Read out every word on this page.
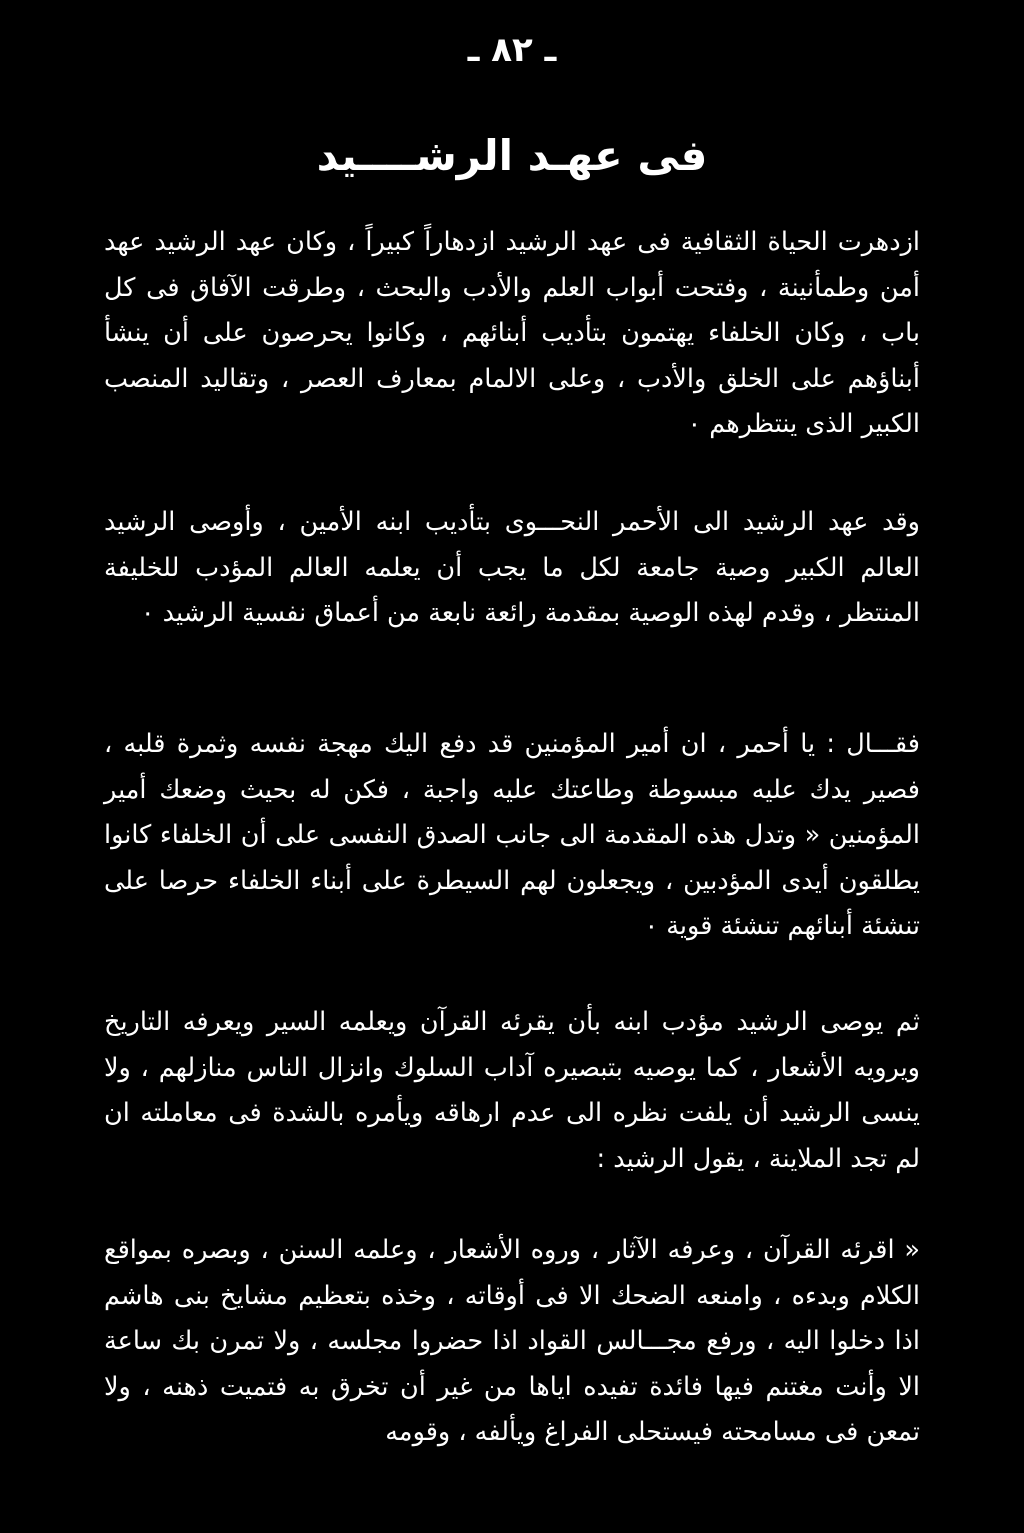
ـ ٨٢ ـ
فى عهـد الرشــــيد

ازدهرت الحياة الثقافية فى عهد الرشيد ازدهاراً كبيراً ، وكان عهد الرشيد عهد أمن وطمأنينة ، وفتحت أبواب العلم والأدب والبحث ، وطرقت الآفاق فى كل باب ، وكان الخلفاء يهتمون بتأديب أبنائهم ، وكانوا يحرصون على أن ينشأ أبناؤهم على الخلق والأدب ، وعلى الالمام بمعارف العصر ، وتقاليد المنصب الكبير الذى ينتظرهم ٠

وقد عهد الرشيد الى الأحمر النحـــوى بتأديب ابنه الأمين ، وأوصى الرشيد العالم الكبير وصية جامعة لكل ما يجب أن يعلمه العالم المؤدب للخليفة المنتظر ، وقدم لهذه الوصية بمقدمة رائعة نابعة من أعماق نفسية الرشيد ٠

فقـــال : يا أحمر ، ان أمير المؤمنين قد دفع اليك مهجة نفسه وثمرة قلبه ، فصير يدك عليه مبسوطة وطاعتك عليه واجبة ، فكن له بحيث وضعك أمير المؤمنين « وتدل هذه المقدمة الى جانب الصدق النفسى على أن الخلفاء كانوا يطلقون أيدى المؤدبين ، ويجعلون لهم السيطرة على أبناء الخلفاء حرصا على تنشئة أبنائهم تنشئة قوية ٠

ثم يوصى الرشيد مؤدب ابنه بأن يقرئه القرآن ويعلمه السير ويعرفه التاريخ ويرويه الأشعار ، كما يوصيه بتبصيره آداب السلوك وانزال الناس منازلهم ، ولا ينسى الرشيد أن يلفت نظره الى عدم ارهاقه ويأمره بالشدة فى معاملته ان لم تجد الملاينة ، يقول الرشيد :

« اقرئه القرآن ، وعرفه الآثار ، وروه الأشعار ، وعلمه السنن ، وبصره بمواقع الكلام وبدءه ، وامنعه الضحك الا فى أوقاته ، وخذه بتعظيم مشايخ بنى هاشم اذا دخلوا اليه ، ورفع مجـــالس القواد اذا حضروا مجلسه ، ولا تمرن بك ساعة الا وأنت مغتنم فيها فائدة تفيده اياها من غير أن تخرق به فتميت ذهنه ، ولا تمعن فى مسامحته فيستحلى الفراغ ويألفه ، وقومه
